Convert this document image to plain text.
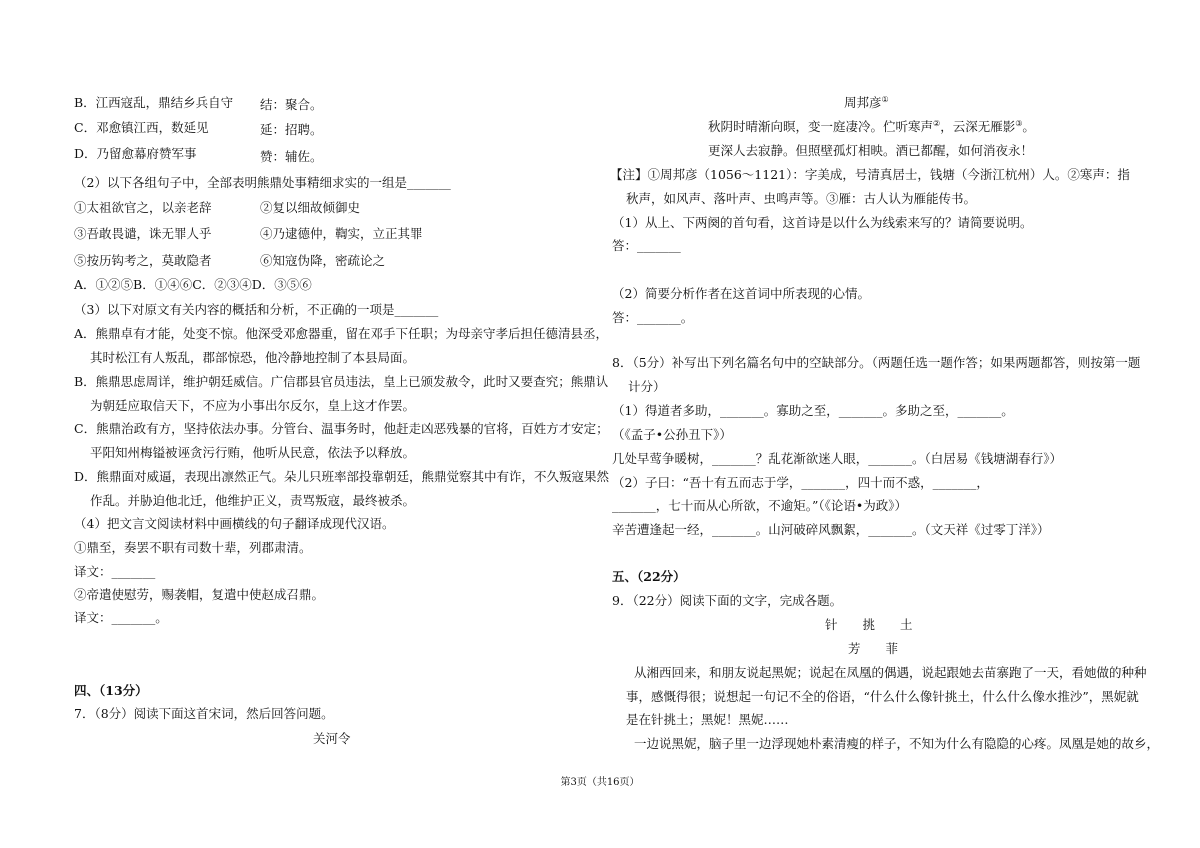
B．江西寇乱，鼎结乡兵自守 结：聚合。
C．邓愈镇江西，数延见	延：招聘。
D．乃留愈幕府赞军事	赞：辅佐。
（2）以下各组句子中，全部表明熊鼎处事精细求实的一组是_______
①太祖欲官之，以亲老辞	②复以细故倾御史
③吾敢畏谴，诛无罪人乎	④乃逮德仲，鞫实，立正其罪
⑤按历钩考之，莫敢隐者	⑥知寇伪降，密疏论之
A．①②⑤B．①④⑥C．②③④D．③⑤⑥
（3）以下对原文有关内容的概括和分析，不正确的一项是_______
A．熊鼎卓有才能，处变不惊。他深受邓愈器重，留在邓手下任职；为母亲守孝后担任德清县丞，
其时松江有人叛乱，郡部惊恐，他冷静地控制了本县局面。
B．熊鼎思虑周详，维护朝廷威信。广信郡县官员违法，皇上已颁发赦令，此时又要查究；熊鼎认
为朝廷应取信天下，不应为小事出尔反尔，皇上这才作罢。
C．熊鼎治政有方，坚持依法办事。分管台、温事务时，他赶走凶恶残暴的官将，百姓方才安定；
平阳知州梅镒被诬贪污行贿，他听从民意，依法予以释放。
D．熊鼎面对威逼，表现出凛然正气。朵儿只班率部投靠朝廷，熊鼎觉察其中有诈，不久叛寇果然
作乱。并胁迫他北迁，他维护正义，责骂叛寇，最终被杀。
（4）把文言文阅读材料中画横线的句子翻译成现代汉语。
①鼎至，奏罢不职有司数十辈，列郡肃清。
译文：_______
②帝遣使慰劳，赐袭帽，复遣中使赵成召鼎。
译文：_______。
四、（13分）
7．（8分）阅读下面这首宋词，然后回答问题。
关河令
周邦彦①
秋阴时晴渐向暝，变一庭凄冷。伫听寒声②，云深无雁影③。
更深人去寂静。但照壁孤灯相映。酒已都醒，如何消夜永！
【注】①周邦彦（1056～1121）：字美成，号清真居士，钱塘（今浙江杭州）人。②寒声：指
秋声，如风声、落叶声、虫鸣声等。③雁：古人认为雁能传书。
（1）从上、下两阕的首句看，这首诗是以什么为线索来写的？请简要说明。
答：_______
（2）简要分析作者在这首词中所表现的心情。
答：_______。
8．（5分）补写出下列名篇名句中的空缺部分。（两题任选一题作答；如果两题都答，则按第一题
计分）
（1）得道者多助，_______。寡助之至，_______。多助之至，_______。
（《孟子•公孙丑下》）
几处早莺争暖树，_______？乱花渐欲迷人眼，_______。（白居易《钱塘湖春行》）
（2）子曰：“吾十有五而志于学，_______，四十而不惑，_______，
_______，七十而从心所欲，不逾矩。”（《论语•为政》）
辛苦遭逢起一经，_______。山河破碎风飘絮，_______。（文天祥《过零丁洋》）
五、（22分）
9．（22分）阅读下面的文字，完成各题。
针　　挑　　土
芳　　菲
从湘西回来，和朋友说起黑妮；说起在凤凰的偶遇，说起跟她去苗寨跑了一天，看她做的种种
事，感慨得很；说想起一句记不全的俗语，“什么什么像针挑土，什么什么像水推沙”，黑妮就
是在针挑土；黑妮！黑妮……
一边说黑妮，脑子里一边浮现她朴素清瘦的样子，不知为什么有隐隐的心疼。凤凰是她的故乡，
第3页（共16页）
